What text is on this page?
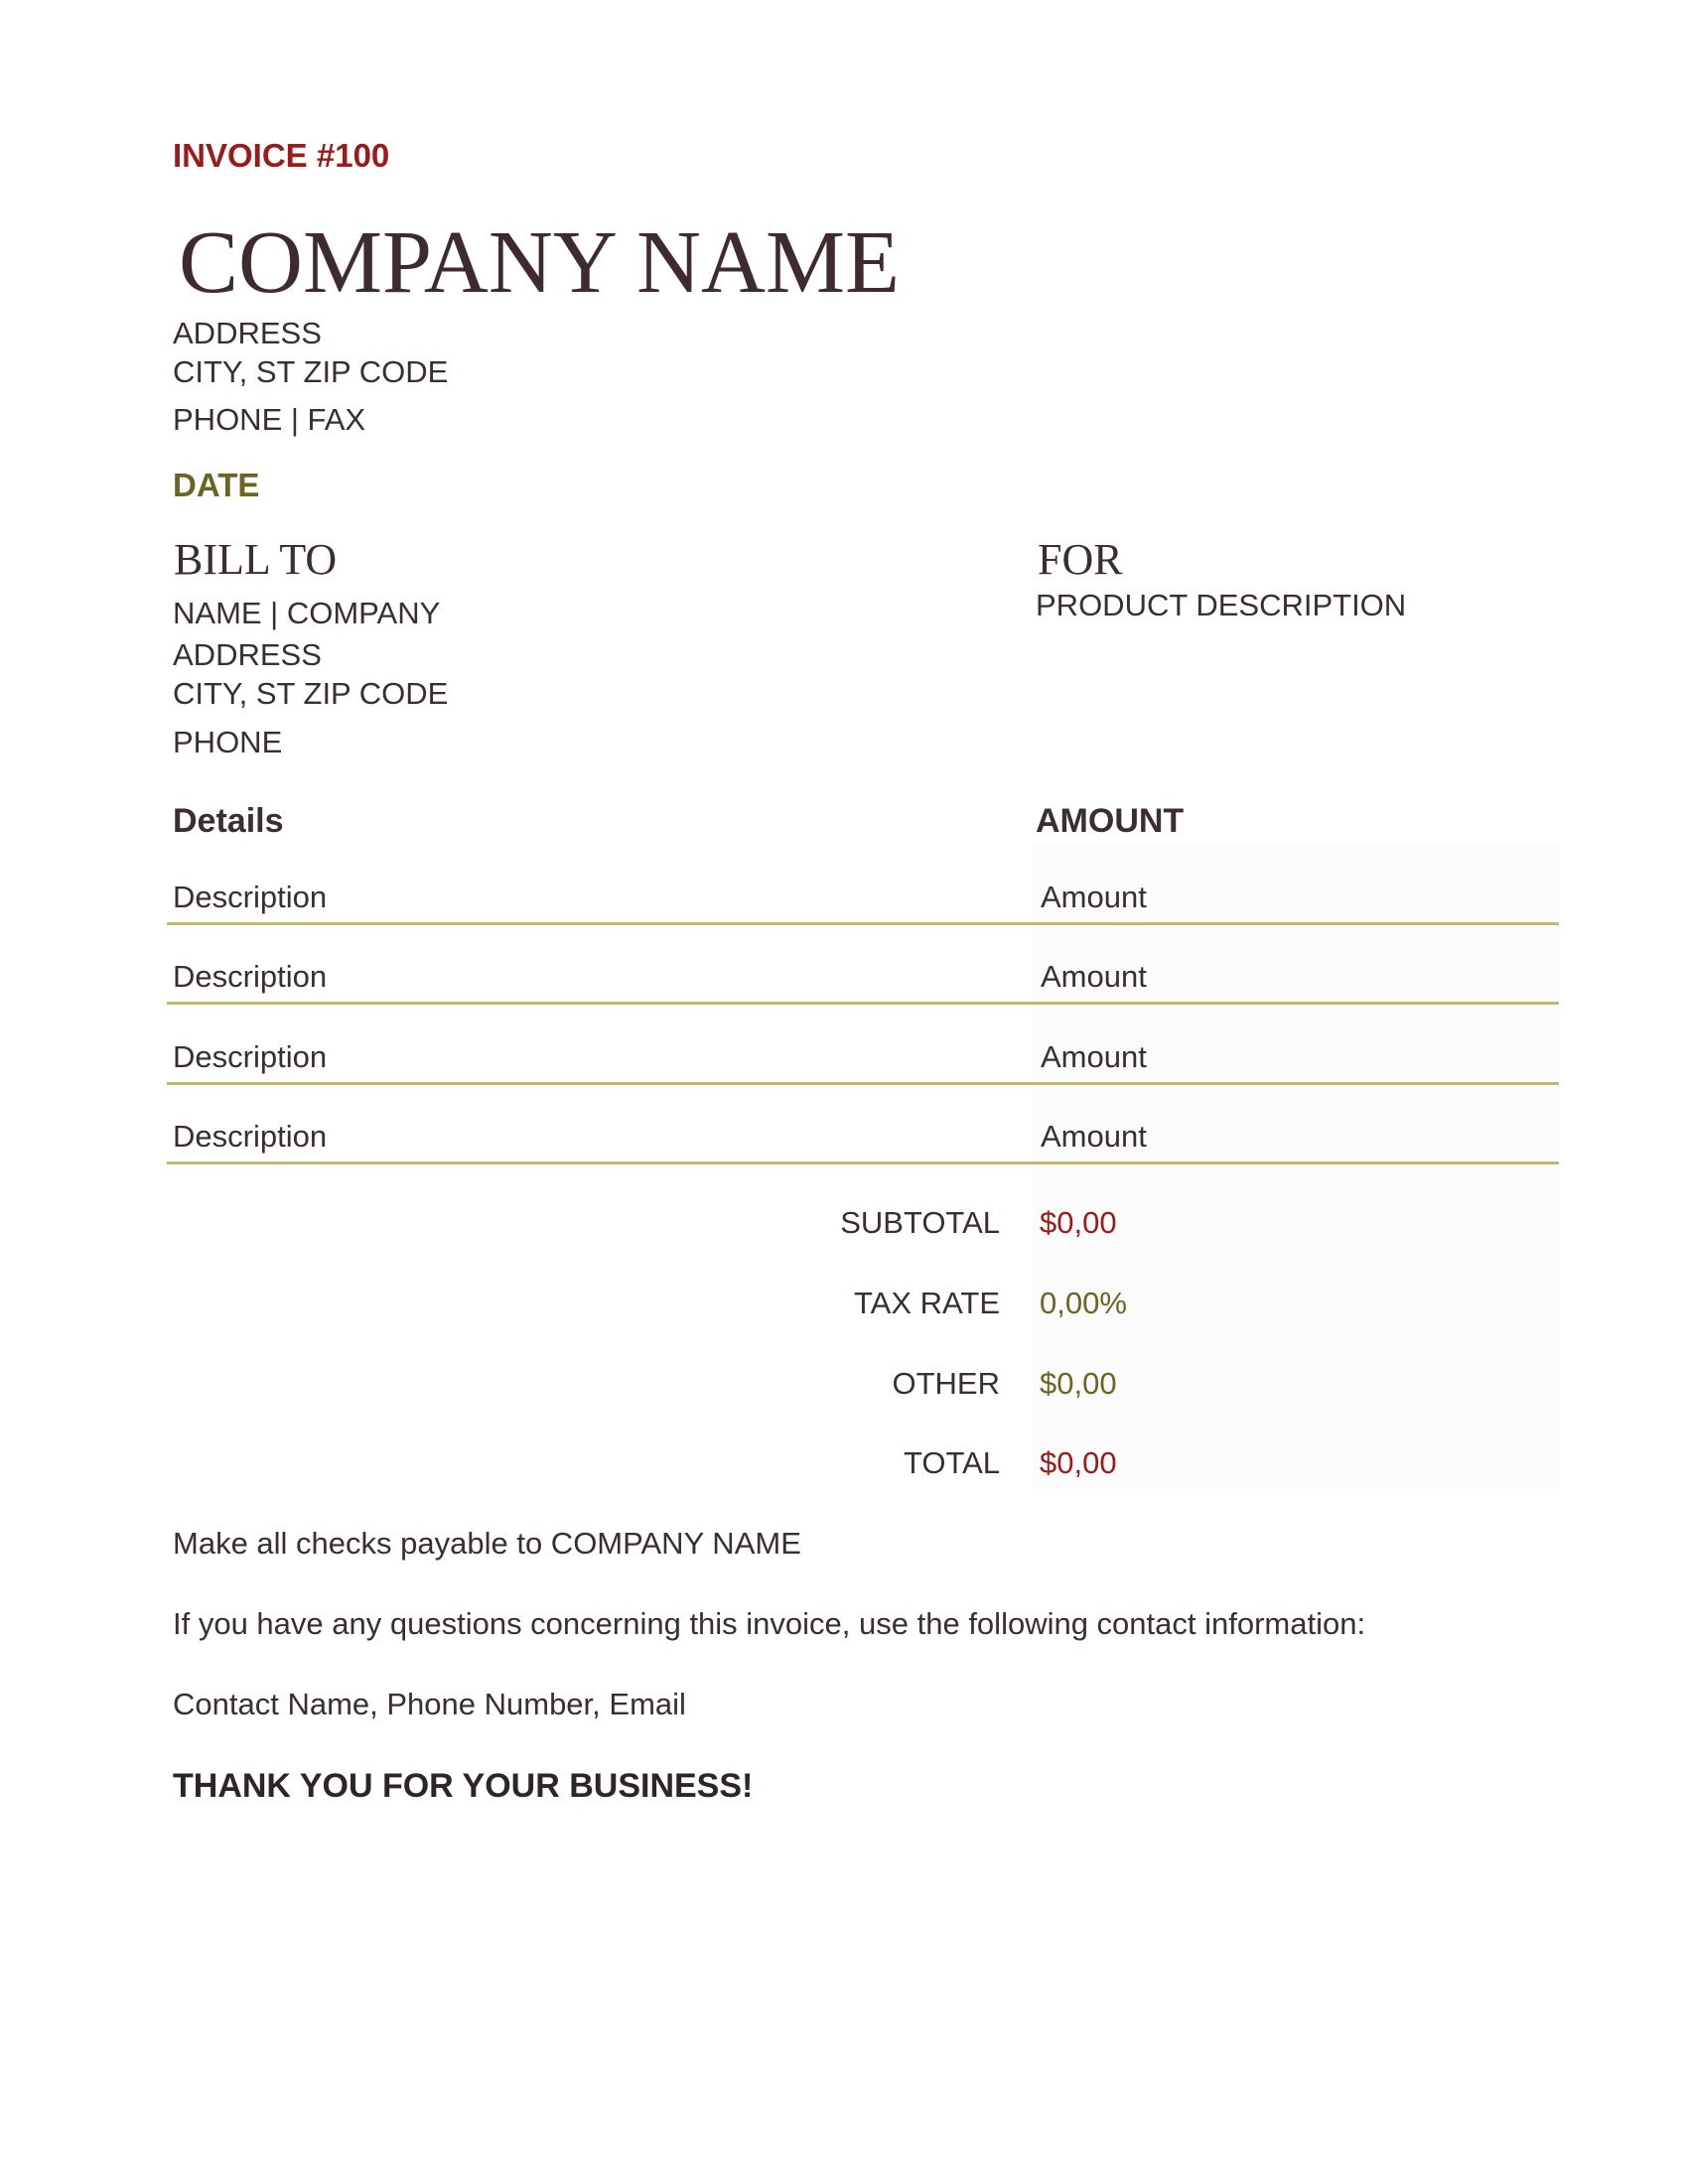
INVOICE #100
COMPANY NAME
ADDRESS
CITY, ST ZIP CODE
PHONE | FAX
DATE
BILL TO
NAME | COMPANY
ADDRESS
CITY, ST ZIP CODE
PHONE
FOR
PRODUCT DESCRIPTION
Details	AMOUNT
Description	Amount
Description	Amount
Description	Amount
Description	Amount
SUBTOTAL $0,00
TAX RATE 0,00%
OTHER $0,00
TOTAL $0,00
Make all checks payable to COMPANY NAME
If you have any questions concerning this invoice, use the following contact information:
Contact Name, Phone Number, Email
THANK YOU FOR YOUR BUSINESS!
